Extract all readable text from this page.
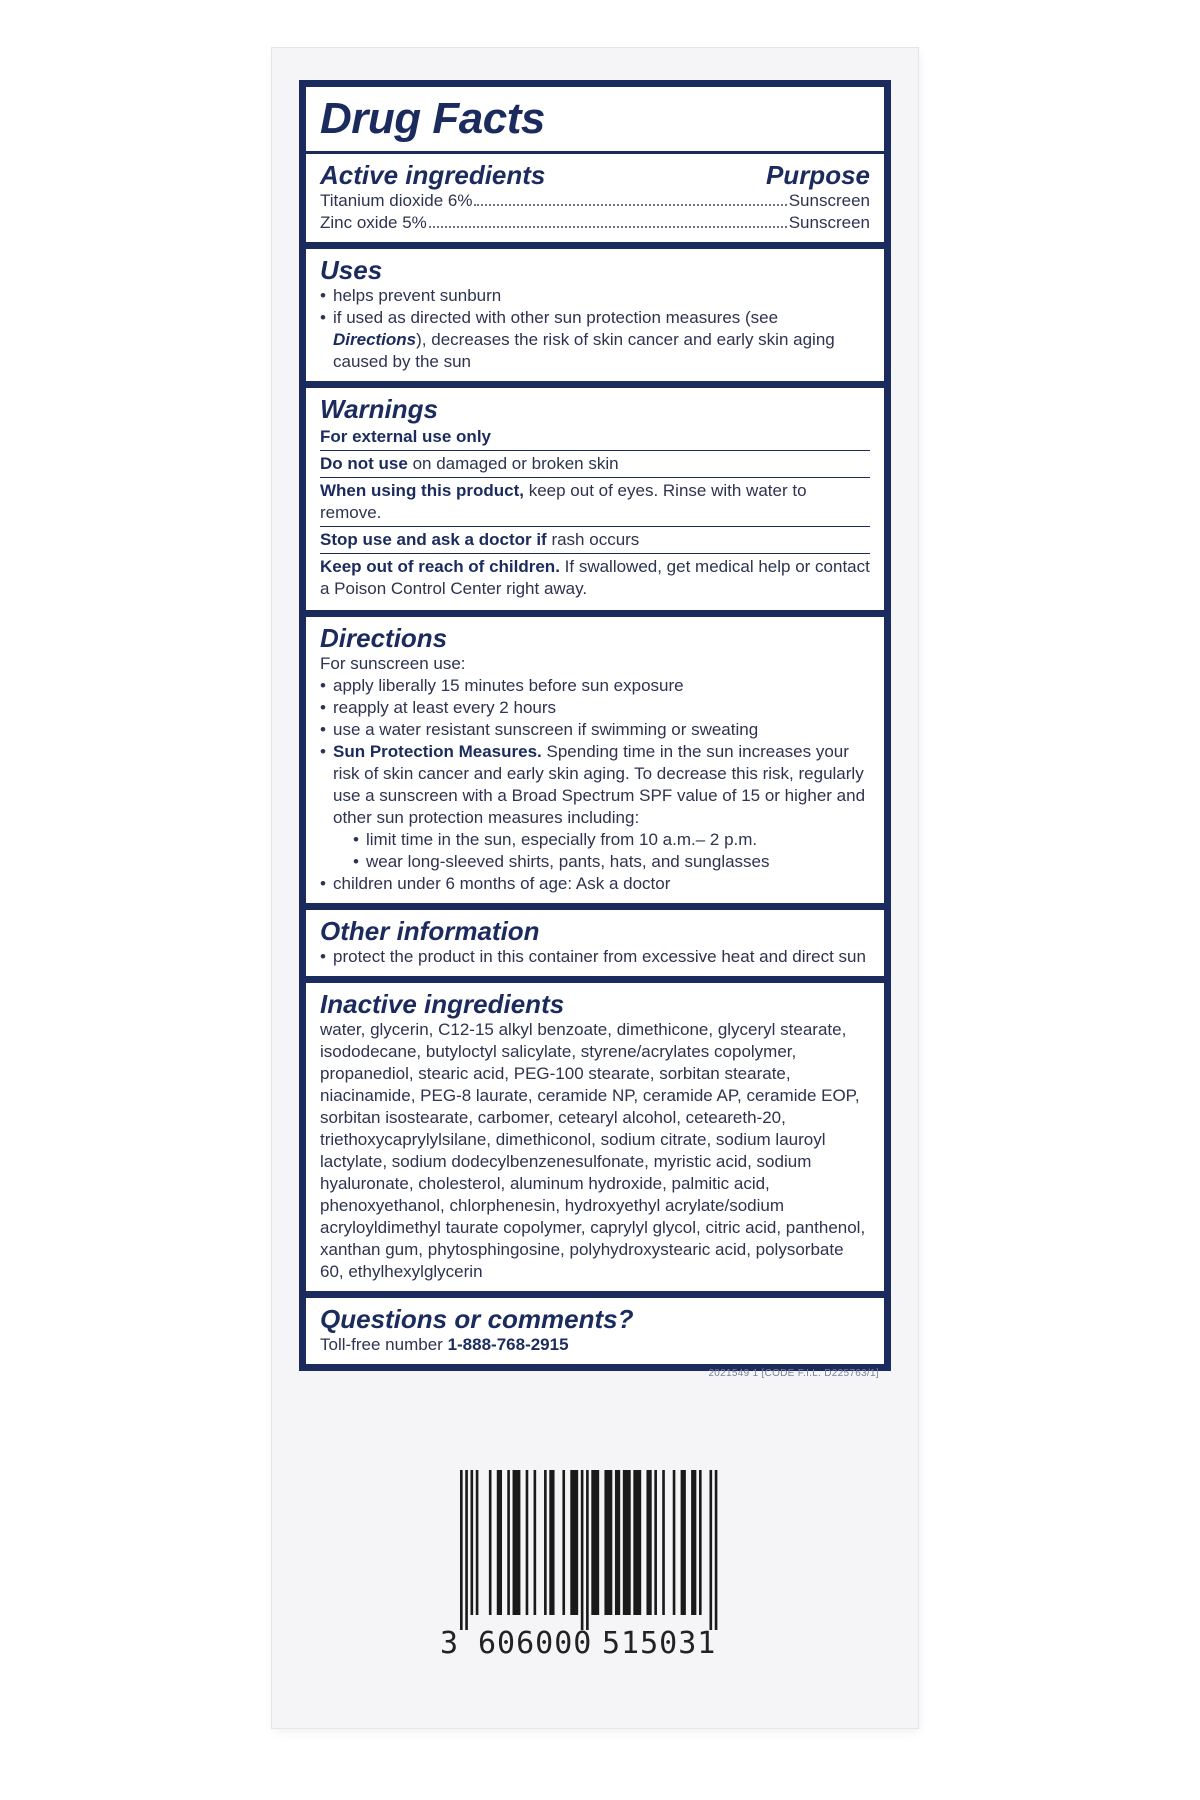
Drug Facts
Active ingredients	Purpose
Titanium dioxide 6%	Sunscreen
Zinc oxide 5%	Sunscreen
Uses
• helps prevent sunburn
• if used as directed with other sun protection measures (see Directions), decreases the risk of skin cancer and early skin aging caused by the sun
Warnings
For external use only
Do not use on damaged or broken skin
When using this product, keep out of eyes. Rinse with water to remove.
Stop use and ask a doctor if rash occurs
Keep out of reach of children. If swallowed, get medical help or contact a Poison Control Center right away.
Directions
For sunscreen use:
• apply liberally 15 minutes before sun exposure
• reapply at least every 2 hours
• use a water resistant sunscreen if swimming or sweating
• Sun Protection Measures. Spending time in the sun increases your risk of skin cancer and early skin aging. To decrease this risk, regularly use a sunscreen with a Broad Spectrum SPF value of 15 or higher and other sun protection measures including:
• limit time in the sun, especially from 10 a.m.– 2 p.m.
• wear long-sleeved shirts, pants, hats, and sunglasses
• children under 6 months of age: Ask a doctor
Other information
• protect the product in this container from excessive heat and direct sun
Inactive ingredients
water, glycerin, C12-15 alkyl benzoate, dimethicone, glyceryl stearate, isododecane, butyloctyl salicylate, styrene/acrylates copolymer, propanediol, stearic acid, PEG-100 stearate, sorbitan stearate, niacinamide, PEG-8 laurate, ceramide NP, ceramide AP, ceramide EOP, sorbitan isostearate, carbomer, cetearyl alcohol, ceteareth-20, triethoxycaprylylsilane, dimethiconol, sodium citrate, sodium lauroyl lactylate, sodium dodecylbenzenesulfonate, myristic acid, sodium hyaluronate, cholesterol, aluminum hydroxide, palmitic acid, phenoxyethanol, chlorphenesin, hydroxyethyl acrylate/sodium acryloyldimethyl taurate copolymer, caprylyl glycol, citric acid, panthenol, xanthan gum, phytosphingosine, polyhydroxystearic acid, polysorbate 60, ethylhexylglycerin
Questions or comments?
Toll-free number 1-888-768-2915
2021549 1 [CODE F.I.L. D225763/1]
3 606000 515031
